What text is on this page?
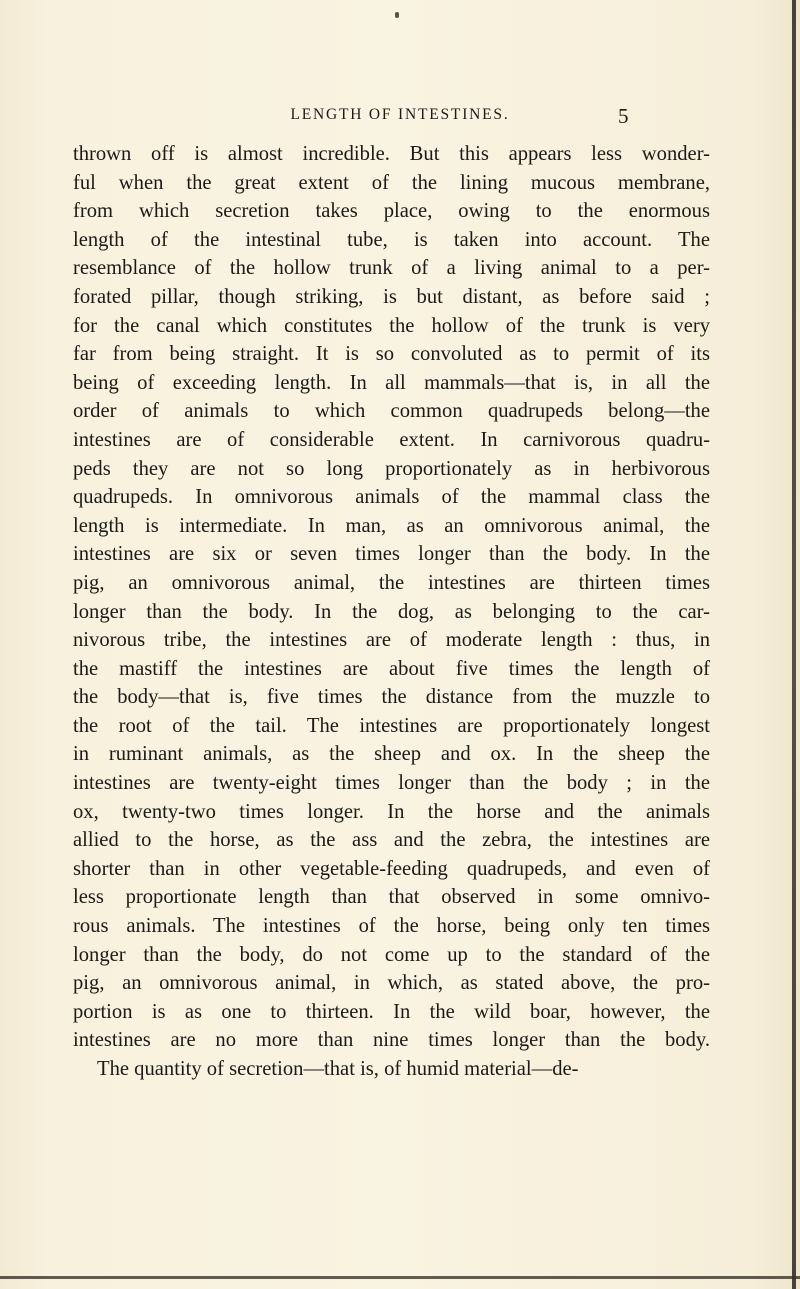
LENGTH OF INTESTINES.	5
thrown off is almost incredible. But this appears less wonder-
ful when the great extent of the lining mucous membrane,
from which secretion takes place, owing to the enormous
length of the intestinal tube, is taken into account. The
resemblance of the hollow trunk of a living animal to a per-
forated pillar, though striking, is but distant, as before said ;
for the canal which constitutes the hollow of the trunk is very
far from being straight. It is so convoluted as to permit of its
being of exceeding length. In all mammals—that is, in all the
order of animals to which common quadrupeds belong—the
intestines are of considerable extent. In carnivorous quadru-
peds they are not so long proportionately as in herbivorous
quadrupeds. In omnivorous animals of the mammal class the
length is intermediate. In man, as an omnivorous animal, the
intestines are six or seven times longer than the body. In the
pig, an omnivorous animal, the intestines are thirteen times
longer than the body. In the dog, as belonging to the car-
nivorous tribe, the intestines are of moderate length : thus, in
the mastiff the intestines are about five times the length of
the body—that is, five times the distance from the muzzle to
the root of the tail. The intestines are proportionately longest
in ruminant animals, as the sheep and ox. In the sheep the
intestines are twenty-eight times longer than the body ; in the
ox, twenty-two times longer. In the horse and the animals
allied to the horse, as the ass and the zebra, the intestines are
shorter than in other vegetable-feeding quadrupeds, and even of
less proportionate length than that observed in some omnivo-
rous animals. The intestines of the horse, being only ten times
longer than the body, do not come up to the standard of the
pig, an omnivorous animal, in which, as stated above, the pro-
portion is as one to thirteen. In the wild boar, however, the
intestines are no more than nine times longer than the body.
The quantity of secretion—that is, of humid material—de-
